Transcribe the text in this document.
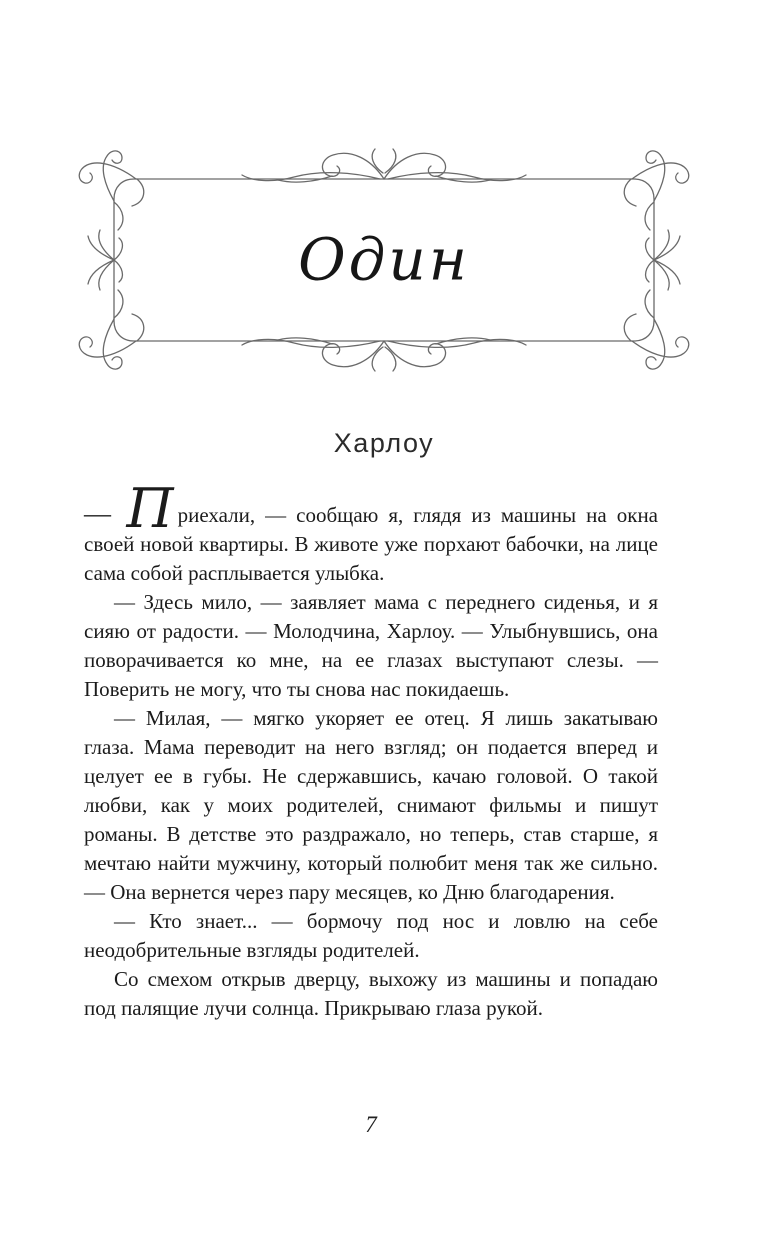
Один
Харлоу

— Приехали, — сообщаю я, глядя из машины на окна своей новой квартиры. В животе уже порхают бабочки, на лице сама собой расплывается улыбка.

— Здесь мило, — заявляет мама с переднего сиденья, и я сияю от радости. — Молодчина, Харлоу. — Улыбнувшись, она поворачивается ко мне, на ее глазах выступают слезы. — Поверить не могу, что ты снова нас покидаешь.

— Милая, — мягко укоряет ее отец. Я лишь закатываю глаза. Мама переводит на него взгляд; он подается вперед и целует ее в губы. Не сдержавшись, качаю головой. О такой любви, как у моих родителей, снимают фильмы и пишут романы. В детстве это раздражало, но теперь, став старше, я мечтаю найти мужчину, который полюбит меня так же сильно. — Она вернется через пару месяцев, ко Дню благодарения.

— Кто знает... — бормочу под нос и ловлю на себе неодобрительные взгляды родителей.

Со смехом открыв дверцу, выхожу из машины и попадаю под палящие лучи солнца. Прикрываю глаза рукой.

7
